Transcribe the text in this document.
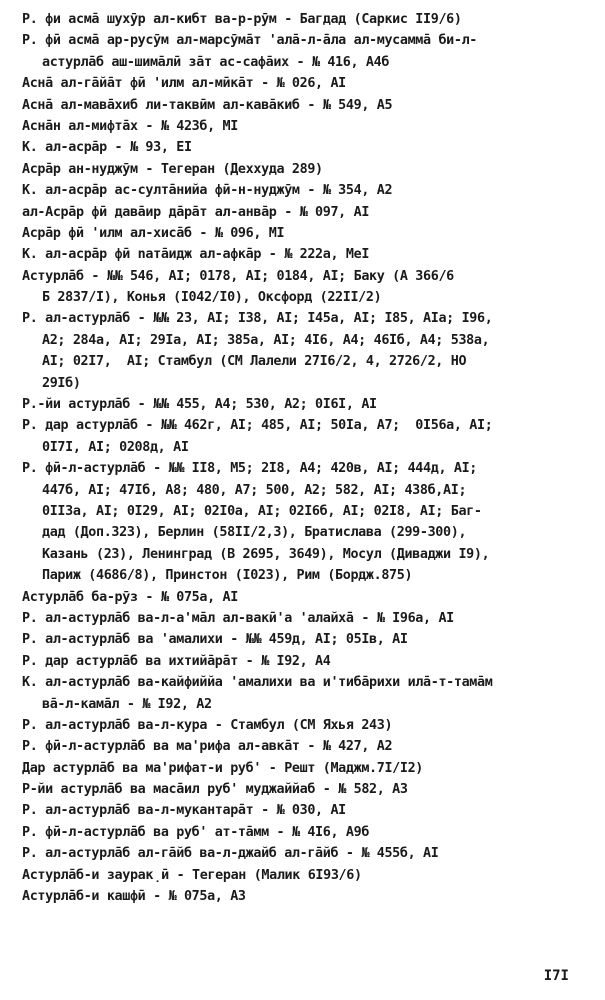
Р. фи асма̄ шухӯр ал-кибт ва-р-рӯм - Багдад (Саркис II9/6)
Р. фӣ асма̄ ар-русӯм ал-марсӯма̄т 'ала̄-л-а̄ла ал-мусамма̄ би-л-
астурла̄б аш-шима̄лӣ за̄т ас-сафа̄их - № 416, А4б
Асна̄ ал-га̄йа̄т фӣ 'илм ал-мӣка̄т - № 026, АI
Асна̄ ал-мава̄хиб ли-таквӣм ал-кава̄киб - № 549, А5
Асна̄н ал-мифта̄х - № 423б, МI
К. ал-асра̄р - № 93, ЕI
Асра̄р ан-нуджӯм - Тегеран (Деххуда 289)
К. ал-асра̄р ас-султа̄нийа фӣ-н-нуджӯм - № 354, А2
ал-Асра̄р фӣ дава̄ир да̄ра̄т ал-анва̄р - № 097, АI
Асра̄р фӣ 'илм ал-хиса̄б - № 096, МI
К. ал-асра̄р фӣ nата̄идж ал-афка̄р - № 222а, МеI
Астурла̄б - №№ 546, АI; 0178, АI; 0184, АI; Баку (А 366/6
Б 2837/I), Конья (I042/I0), Оксфорд (22II/2)
Р. ал-астурла̄б - №№ 23, АI; I38, АI; I45а, АI; I85, АIа; I96,
А2; 284а, АI; 29Iа, АI; 385а, АI; 4I6, А4; 46Iб, А4; 538а,
АI; 02I7,  АI; Стамбул (СМ Лалели 27I6/2, 4, 2726/2, НО
29Iб)
Р.-йи астурла̄б - №№ 455, А4; 530, А2; 0I6I, АI
Р. дар астурла̄б - №№ 462г, АI; 485, АI; 50Iа, А7;  0I56а, АI;
0I7I, АI; 0208д, АI
Р. фӣ-л-астурла̄б - №№ II8, М5; 2I8, А4; 420в, АI; 444д, АI;
447б, АI; 47Iб, А8; 480, А7; 500, А2; 582, АI; 438б,АI;
0II3а, АI; 0I29, АI; 02I0а, АI; 02I6б, АI; 02I8, АI; Баг-
дад (Доп.323), Берлин (58II/2,3), Братислава (299-300),
Казань (23), Ленинград (В 2695, 3649), Мосул (Диваджи I9),
Париж (4686/8), Принстон (I023), Рим (Бордж.875)
Астурла̄б ба-рӯз - № 075а, АI
Р. ал-астурла̄б ва-л-а'ма̄л ал-вакӣ'а 'алайха̄ - № I96а, АI
Р. ал-астурла̄б ва 'амалихи - №№ 459д, АI; 05Iв, АI
Р. дар астурла̄б ва ихтийа̄ра̄т - № I92, А4
К. ал-астурла̄б ва-кайфиййа 'амалихи ва и'тиба̄рихи ила̄-т-тама̄м
ва̄-л-кама̄л - № I92, А2
Р. ал-астурла̄б ва-л-кура - Стамбул (СМ Яхья 243)
Р. фӣ-л-астурла̄б ва ма'рифа ал-авка̄т - № 427, А2
Дар астурла̄б ва ма'рифат-и руб' - Решт (Маджм.7I/I2)
Р-йи астурла̄б ва маса̄ил руб' муджаййаб - № 582, А3
Р. ал-астурла̄б ва-л-мукантара̄т - № 030, АI
Р. фӣ-л-астурла̄б ва руб' ат-та̄мм - № 4I6, А9б
Р. ал-астурла̄б ал-га̄йб ва-л-джайб ал-га̄йб - № 455б, АI
Астурла̄б-и заурак̣ӣ - Тегеран (Малик 6I93/6)
Астурла̄б-и кашфӣ - № 075а, А3
I7I
